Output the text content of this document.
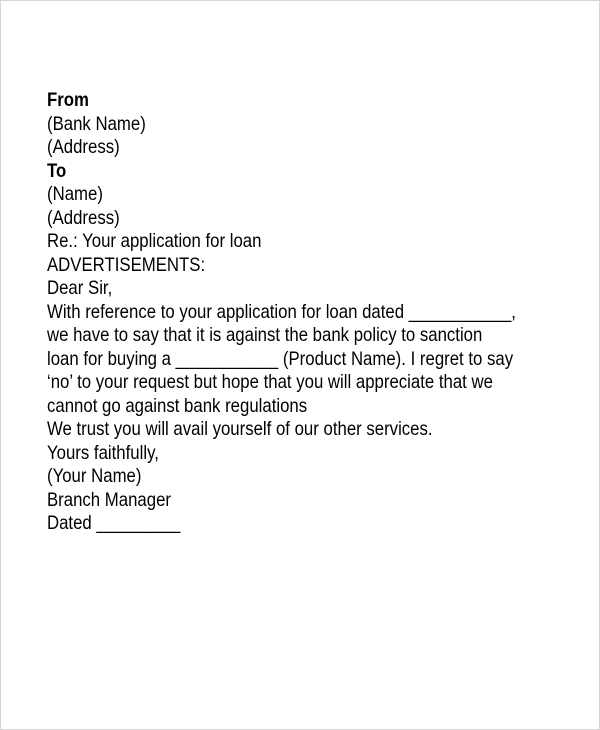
From
(Bank Name)
(Address)
To
(Name)
(Address)
Re.: Your application for loan
ADVERTISEMENTS:
Dear Sir,
With reference to your application for loan dated ___________,
we have to say that it is against the bank policy to sanction
loan for buying a ___________ (Product Name). I regret to say
‘no’ to your request but hope that you will appreciate that we
cannot go against bank regulations
We trust you will avail yourself of our other services.
Yours faithfully,
(Your Name)
Branch Manager
Dated _________
